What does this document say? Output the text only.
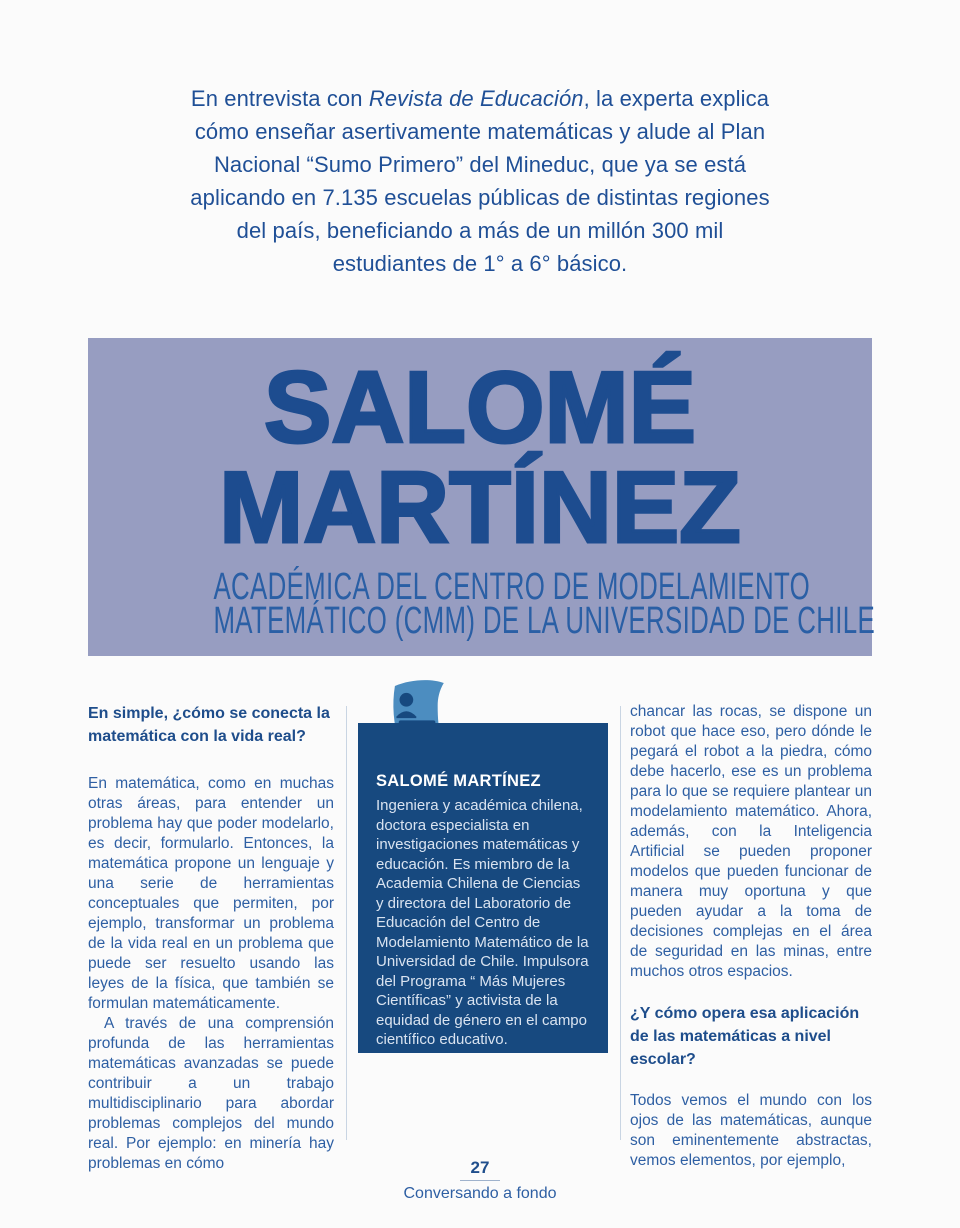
En entrevista con Revista de Educación, la experta explica cómo enseñar asertivamente matemáticas y alude al Plan Nacional “Sumo Primero” del Mineduc, que ya se está aplicando en 7.135 escuelas públicas de distintas regiones del país, beneficiando a más de un millón 300 mil estudiantes de 1° a 6° básico.

SALOMÉ
MARTÍNEZ

ACADÉMICA DEL CENTRO DE MODELAMIENTO
MATEMÁTICO (CMM) DE LA UNIVERSIDAD DE CHILE

En simple, ¿cómo se conecta la matemática con la vida real?

En matemática, como en muchas otras áreas, para entender un problema hay que poder modelarlo, es decir, formularlo. Entonces, la matemática propone un lenguaje y una serie de herramientas conceptuales que permiten, por ejemplo, transformar un problema de la vida real en un problema que puede ser resuelto usando las leyes de la física, que también se formulan matemáticamente.

A través de una comprensión profunda de las herramientas matemáticas avanzadas se puede contribuir a un trabajo multidisciplinario para abordar problemas complejos del mundo real. Por ejemplo: en minería hay problemas en cómo

SALOMÉ MARTÍNEZ

Ingeniera y académica chilena, doctora especialista en investigaciones matemáticas y educación. Es miembro de la Academia Chilena de Ciencias y directora del Laboratorio de Educación del Centro de Modelamiento Matemático de la Universidad de Chile. Impulsora del Programa “ Más Mujeres Científicas” y activista de la equidad de género en el campo científico educativo.

chancar las rocas, se dispone un robot que hace eso, pero dónde le pegará el robot a la piedra, cómo debe hacerlo, ese es un problema para lo que se requiere plantear un modelamiento matemático. Ahora, además, con la Inteligencia Artificial se pueden proponer modelos que pueden funcionar de manera muy oportuna y que pueden ayudar a la toma de decisiones complejas en el área de seguridad en las minas, entre muchos otros espacios.

¿Y cómo opera esa aplicación de las matemáticas a nivel escolar?

Todos vemos el mundo con los ojos de las matemáticas, aunque son eminentemente abstractas, vemos elementos, por ejemplo,

27
Conversando a fondo
